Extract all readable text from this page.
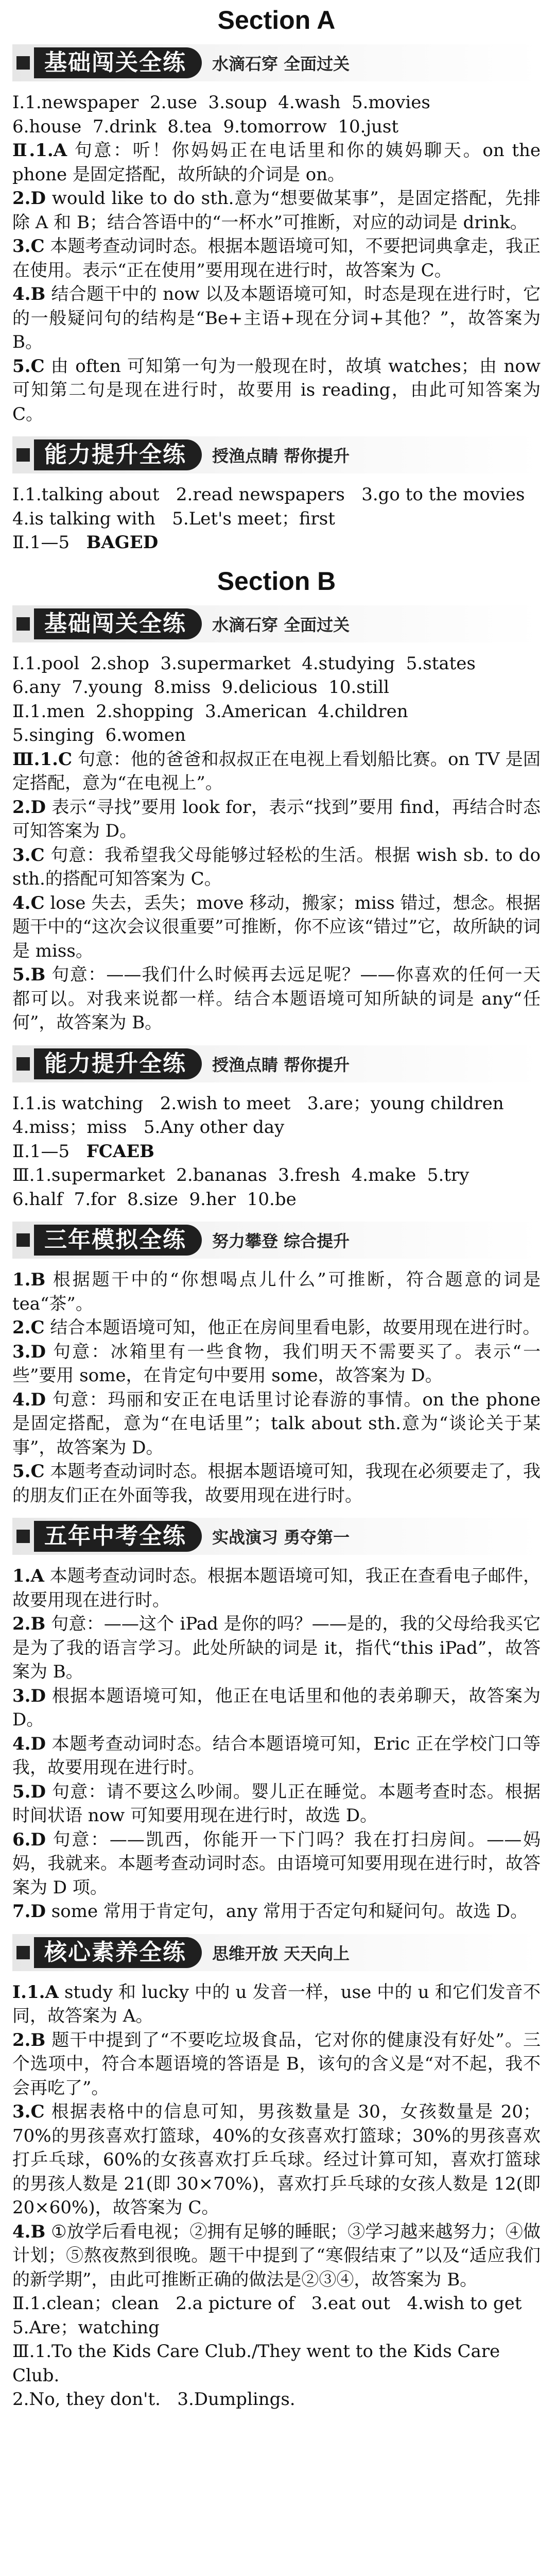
Section A
基础闯关全练	水滴石穿 全面过关

Ⅰ.1.newspaper  2.use  3.soup  4.wash  5.movies

6.house  7.drink  8.tea  9.tomorrow  10.just

Ⅱ.1.A 句意：听！你妈妈正在电话里和你的姨妈聊天。on the phone 是固定搭配，故所缺的介词是 on。

2.D would like to do sth.意为“想要做某事”，是固定搭配，先排除 A 和 B；结合答语中的“一杯水”可推断，对应的动词是 drink。

3.C 本题考查动词时态。根据本题语境可知，不要把词典拿走，我正在使用。表示“正在使用”要用现在进行时，故答案为 C。

4.B 结合题干中的 now 以及本题语境可知，时态是现在进行时，它的一般疑问句的结构是“Be+主语+现在分词+其他？”，故答案为 B。

5.C 由 often 可知第一句为一般现在时，故填 watches；由 now 可知第二句是现在进行时，故要用 is reading，由此可知答案为 C。

能力提升全练	授渔点睛 帮你提升

Ⅰ.1.talking about   2.read newspapers   3.go to the movies

4.is talking with   5.Let's meet；first

Ⅱ.1—5 BAGED

Section B
基础闯关全练	水滴石穿 全面过关

Ⅰ.1.pool  2.shop  3.supermarket  4.studying  5.states

6.any  7.young  8.miss  9.delicious  10.still

Ⅱ.1.men  2.shopping  3.American  4.children

5.singing  6.women

Ⅲ.1.C 句意：他的爸爸和叔叔正在电视上看划船比赛。on TV 是固定搭配，意为“在电视上”。

2.D 表示“寻找”要用 look for，表示“找到”要用 find，再结合时态可知答案为 D。

3.C 句意：我希望我父母能够过轻松的生活。根据 wish sb. to do sth.的搭配可知答案为 C。

4.C lose 失去，丢失；move 移动，搬家；miss 错过，想念。根据题干中的“这次会议很重要”可推断，你不应该“错过”它，故所缺的词是 miss。

5.B 句意：——我们什么时候再去远足呢？——你喜欢的任何一天都可以。对我来说都一样。结合本题语境可知所缺的词是 any“任何”，故答案为 B。

能力提升全练	授渔点睛 帮你提升

Ⅰ.1.is watching   2.wish to meet   3.are；young children

4.miss；miss   5.Any other day

Ⅱ.1—5 FCAEB

Ⅲ.1.supermarket  2.bananas  3.fresh  4.make  5.try

6.half  7.for  8.size  9.her  10.be

三年模拟全练	努力攀登 综合提升

1.B 根据题干中的“你想喝点儿什么”可推断，符合题意的词是 tea“茶”。

2.C 结合本题语境可知，他正在房间里看电影，故要用现在进行时。

3.D 句意：冰箱里有一些食物，我们明天不需要买了。表示“一些”要用 some，在肯定句中要用 some，故答案为 D。

4.D 句意：玛丽和安正在电话里讨论春游的事情。on the phone 是固定搭配，意为“在电话里”；talk about sth.意为“谈论关于某事”，故答案为 D。

5.C 本题考查动词时态。根据本题语境可知，我现在必须要走了，我的朋友们正在外面等我，故要用现在进行时。

五年中考全练	实战演习 勇夺第一

1.A 本题考查动词时态。根据本题语境可知，我正在查看电子邮件，故要用现在进行时。

2.B 句意：——这个 iPad 是你的吗？——是的，我的父母给我买它是为了我的语言学习。此处所缺的词是 it，指代“this iPad”，故答案为 B。

3.D 根据本题语境可知，他正在电话里和他的表弟聊天，故答案为 D。

4.D 本题考查动词时态。结合本题语境可知，Eric 正在学校门口等我，故要用现在进行时。

5.D 句意：请不要这么吵闹。婴儿正在睡觉。本题考查时态。根据时间状语 now 可知要用现在进行时，故选 D。

6.D 句意：——凯西，你能开一下门吗？我在打扫房间。——妈妈，我就来。本题考查动词时态。由语境可知要用现在进行时，故答案为 D 项。

7.D some 常用于肯定句，any 常用于否定句和疑问句。故选 D。

核心素养全练	思维开放 天天向上

Ⅰ.1.A study 和 lucky 中的 u 发音一样，use 中的 u 和它们发音不同，故答案为 A。

2.B 题干中提到了“不要吃垃圾食品，它对你的健康没有好处”。三个选项中，符合本题语境的答语是 B，该句的含义是“对不起，我不会再吃了”。

3.C 根据表格中的信息可知，男孩数量是 30，女孩数量是 20；70%的男孩喜欢打篮球，40%的女孩喜欢打篮球；30%的男孩喜欢打乒乓球，60%的女孩喜欢打乒乓球。经过计算可知，喜欢打篮球的男孩人数是 21(即 30×70%)，喜欢打乒乓球的女孩人数是 12(即 20×60%)，故答案为 C。

4.B ①放学后看电视；②拥有足够的睡眠；③学习越来越努力；④做计划；⑤熬夜熬到很晚。题干中提到了“寒假结束了”以及“适应我们的新学期”，由此可推断正确的做法是②③④，故答案为 B。

Ⅱ.1.clean；clean   2.a picture of   3.eat out   4.wish to get

5.Are；watching

Ⅲ.1.To the Kids Care Club./They went to the Kids Care Club.

2.No, they don't.   3.Dumplings.
